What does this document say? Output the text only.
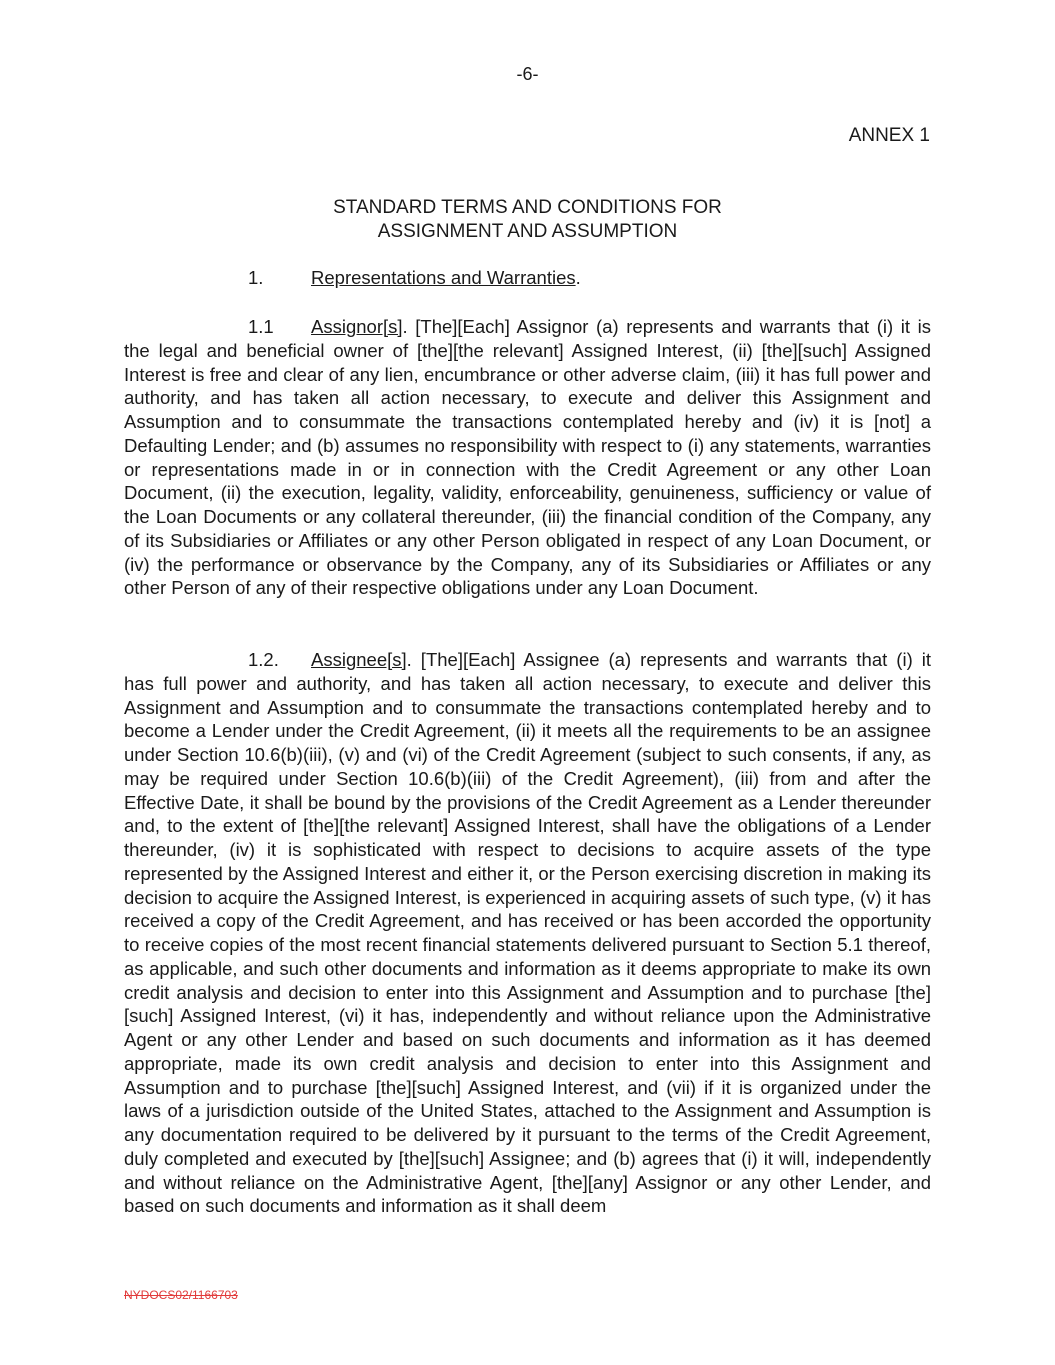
-6-
ANNEX 1
STANDARD TERMS AND CONDITIONS FOR
ASSIGNMENT AND ASSUMPTION
1.	Representations and Warranties.
1.1 Assignor[s]. [The][Each] Assignor (a) represents and warrants that (i) it is the legal and beneficial owner of [the][the relevant] Assigned Interest, (ii) [the][such] Assigned Interest is free and clear of any lien, encumbrance or other adverse claim, (iii) it has full power and authority, and has taken all action necessary, to execute and deliver this Assignment and Assumption and to consummate the transactions contemplated hereby and (iv) it is [not] a Defaulting Lender; and (b) assumes no responsibility with respect to (i) any statements, warranties or representations made in or in connection with the Credit Agreement or any other Loan Document, (ii) the execution, legality, validity, enforceability, genuineness, sufficiency or value of the Loan Documents or any collateral thereunder, (iii) the financial condition of the Company, any of its Subsidiaries or Affiliates or any other Person obligated in respect of any Loan Document, or (iv) the performance or observance by the Company, any of its Subsidiaries or Affiliates or any other Person of any of their respective obligations under any Loan Document.
1.2. Assignee[s]. [The][Each] Assignee (a) represents and warrants that (i) it has full power and authority, and has taken all action necessary, to execute and deliver this Assignment and Assumption and to consummate the transactions contemplated hereby and to become a Lender under the Credit Agreement, (ii) it meets all the requirements to be an assignee under Section 10.6(b)(iii), (v) and (vi) of the Credit Agreement (subject to such consents, if any, as may be required under Section 10.6(b)(iii) of the Credit Agreement), (iii) from and after the Effective Date, it shall be bound by the provisions of the Credit Agreement as a Lender thereunder and, to the extent of [the][the relevant] Assigned Interest, shall have the obligations of a Lender thereunder, (iv) it is sophisticated with respect to decisions to acquire assets of the type represented by the Assigned Interest and either it, or the Person exercising discretion in making its decision to acquire the Assigned Interest, is experienced in acquiring assets of such type, (v) it has received a copy of the Credit Agreement, and has received or has been accorded the opportunity to receive copies of the most recent financial statements delivered pursuant to Section 5.1 thereof, as applicable, and such other documents and information as it deems appropriate to make its own credit analysis and decision to enter into this Assignment and Assumption and to purchase [the][such] Assigned Interest, (vi) it has, independently and without reliance upon the Administrative Agent or any other Lender and based on such documents and information as it has deemed appropriate, made its own credit analysis and decision to enter into this Assignment and Assumption and to purchase [the][such] Assigned Interest, and (vii) if it is organized under the laws of a jurisdiction outside of the United States, attached to the Assignment and Assumption is any documentation required to be delivered by it pursuant to the terms of the Credit Agreement, duly completed and executed by [the][such] Assignee; and (b) agrees that (i) it will, independently and without reliance on the Administrative Agent, [the][any] Assignor or any other Lender, and based on such documents and information as it shall deem
NYDOCS02/1166703
